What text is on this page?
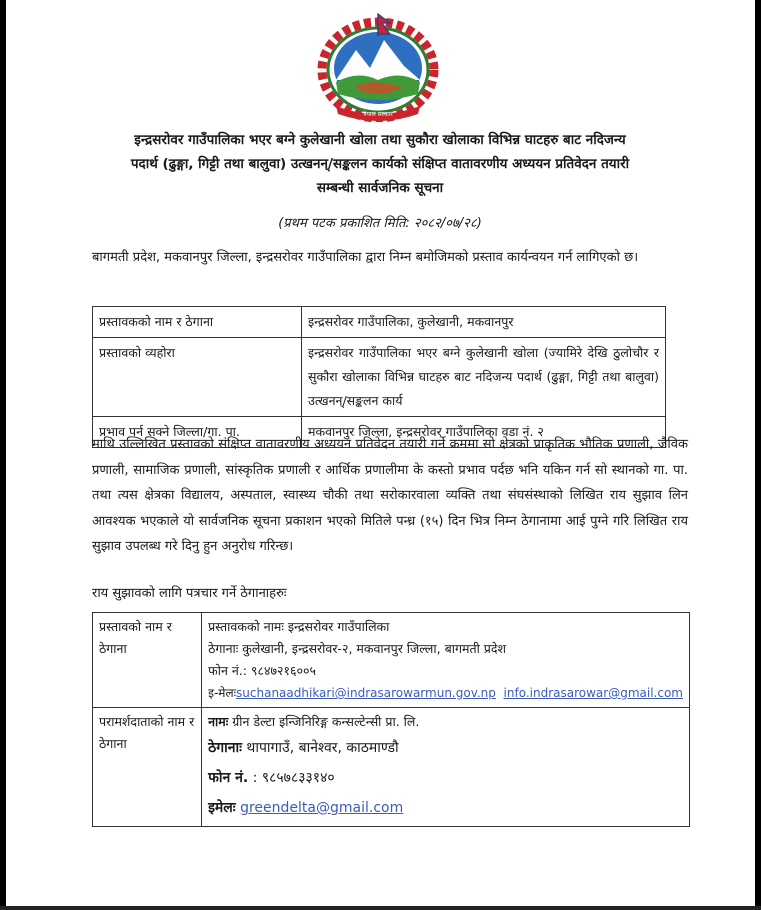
नेपाल सरकार
इन्द्रसरोवर गाउँपालिका भएर बग्ने कुलेखानी खोला तथा सुकौरा खोलाका विभिन्न घाटहरु बाट नदिजन्य
पदार्थ (ढुङ्गा, गिट्टी तथा बालुवा) उत्खनन्/सङ्कलन कार्यको संक्षिप्त वातावरणीय अध्ययन प्रतिवेदन तयारी
सम्बन्धी सार्वजनिक सूचना
(प्रथम पटक प्रकाशित मिति: २०८२/०७/२८)
बागमती प्रदेश, मकवानपुर जिल्ला, इन्द्रसरोवर गाउँपालिका द्वारा निम्न बमोजिमको प्रस्ताव कार्यन्वयन गर्न लागिएको छ।
प्रस्तावकको नाम र ठेगाना	इन्द्रसरोवर गाउँपालिका, कुलेखानी, मकवानपुर
प्रस्तावको व्यहोरा	इन्द्रसरोवर गाउँपालिका भएर बग्ने कुलेखानी खोला (ज्यामिरे देखि ठुलोचौर र सुकौरा खोलाका विभिन्न घाटहरु बाट नदिजन्य पदार्थ (ढुङ्गा, गिट्टी तथा बालुवा) उत्खनन्/सङ्कलन कार्य
प्रभाव पर्न सक्ने जिल्ला/गा. पा.	मकवानपुर जिल्ला, इन्द्रसरोवर गाउँपालिका वडा नं. २
माथि उल्लिखित प्रस्तावको संक्षिप्त वातावरणीय अध्ययन प्रतिवेदन तयारी गर्ने क्रममा सो क्षेत्रको प्राकृतिक भौतिक प्रणाली, जैविक प्रणाली, सामाजिक प्रणाली, सांस्कृतिक प्रणाली र आर्थिक प्रणालीमा के कस्तो प्रभाव पर्दछ भनि यकिन गर्न सो स्थानको गा. पा. तथा त्यस क्षेत्रका विद्यालय, अस्पताल, स्वास्थ्य चौकी तथा सरोकारवाला व्यक्ति तथा संघसंस्थाको लिखित राय सुझाव लिन आवश्यक भएकाले यो सार्वजनिक सूचना प्रकाशन भएको मितिले पन्ध्र (१५) दिन भित्र निम्न ठेगानामा आई पुग्ने गरि लिखित राय सुझाव उपलब्ध गरे दिनु हुन अनुरोध गरिन्छ।
राय सुझावको लागि पत्रचार गर्ने ठेगानाहरुः
प्रस्तावको नाम र ठेगाना	प्रस्तावकको नामः इन्द्रसरोवर गाउँपालिका
ठेगानाः कुलेखानी, इन्द्रसरोवर-२, मकवानपुर जिल्ला, बागमती प्रदेश
फोन नं.: ९८४७२१६००५
इ-मेलःsuchanaadhikari@indrasarowarmun.gov.np info.indrasarowar@gmail.com

परामर्शदाताको नाम र ठेगाना	नामः ग्रीन डेल्टा इन्जिनिरिङ्ग कन्सल्टेन्सी प्रा. लि.
ठेगानाः थापागाउँ, बानेश्वर, काठमाण्डौ
फोन नं. : ९८५७८३३१४०
इमेलः greendelta@gmail.com
